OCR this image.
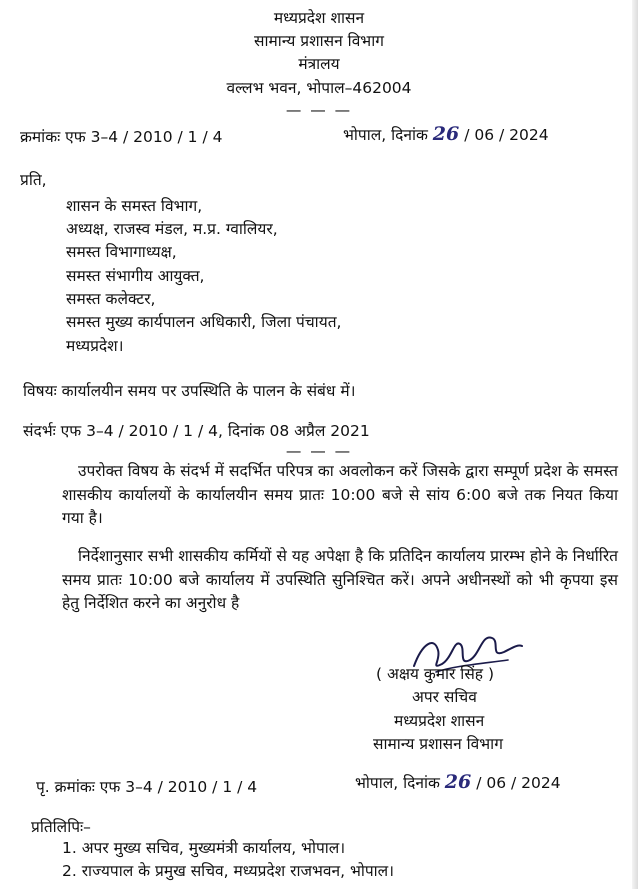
मध्यप्रदेश शासन
सामान्य प्रशासन विभाग
मंत्रालय
वल्लभ भवन, भोपाल–462004
— — —
क्रमांकः एफ 3–4 / 2010 / 1 / 4	भोपाल, दिनांक 26 / 06 / 2024
प्रति,
शासन के समस्त विभाग,
अध्यक्ष, राजस्व मंडल, म.प्र. ग्वालियर,
समस्त विभागाध्यक्ष,
समस्त संभागीय आयुक्त,
समस्त कलेक्टर,
समस्त मुख्य कार्यपालन अधिकारी, जिला पंचायत,
मध्यप्रदेश।
विषयः कार्यालयीन समय पर उपस्थिति के पालन के संबंध में।
संदर्भः एफ 3–4 / 2010 / 1 / 4, दिनांक 08 अप्रैल 2021
— — —
उपरोक्त विषय के संदर्भ में सदर्भित परिपत्र का अवलोकन करें जिसके द्वारा सम्पूर्ण प्रदेश के समस्त शासकीय कार्यालयों के कार्यालयीन समय प्रातः 10:00 बजे से सांय 6:00 बजे तक नियत किया गया है।
निर्देशानुसार सभी शासकीय कर्मियों से यह अपेक्षा है कि प्रतिदिन कार्यालय प्रारम्भ होने के निर्धारित समय प्रातः 10:00 बजे कार्यालय में उपस्थिति सुनिश्चित करें। अपने अधीनस्थों को भी कृपया इस हेतु निर्देशित करने का अनुरोध है
( अक्षय कुमार सिंह )
अपर सचिव
मध्यप्रदेश शासन
सामान्य प्रशासन विभाग
पृ. क्रमांकः एफ 3–4 / 2010 / 1 / 4	भोपाल, दिनांक 26 / 06 / 2024
प्रतिलिपिः–
1. अपर मुख्य सचिव, मुख्यमंत्री कार्यालय, भोपाल।
2. राज्यपाल के प्रमुख सचिव, मध्यप्रदेश राजभवन, भोपाल।
